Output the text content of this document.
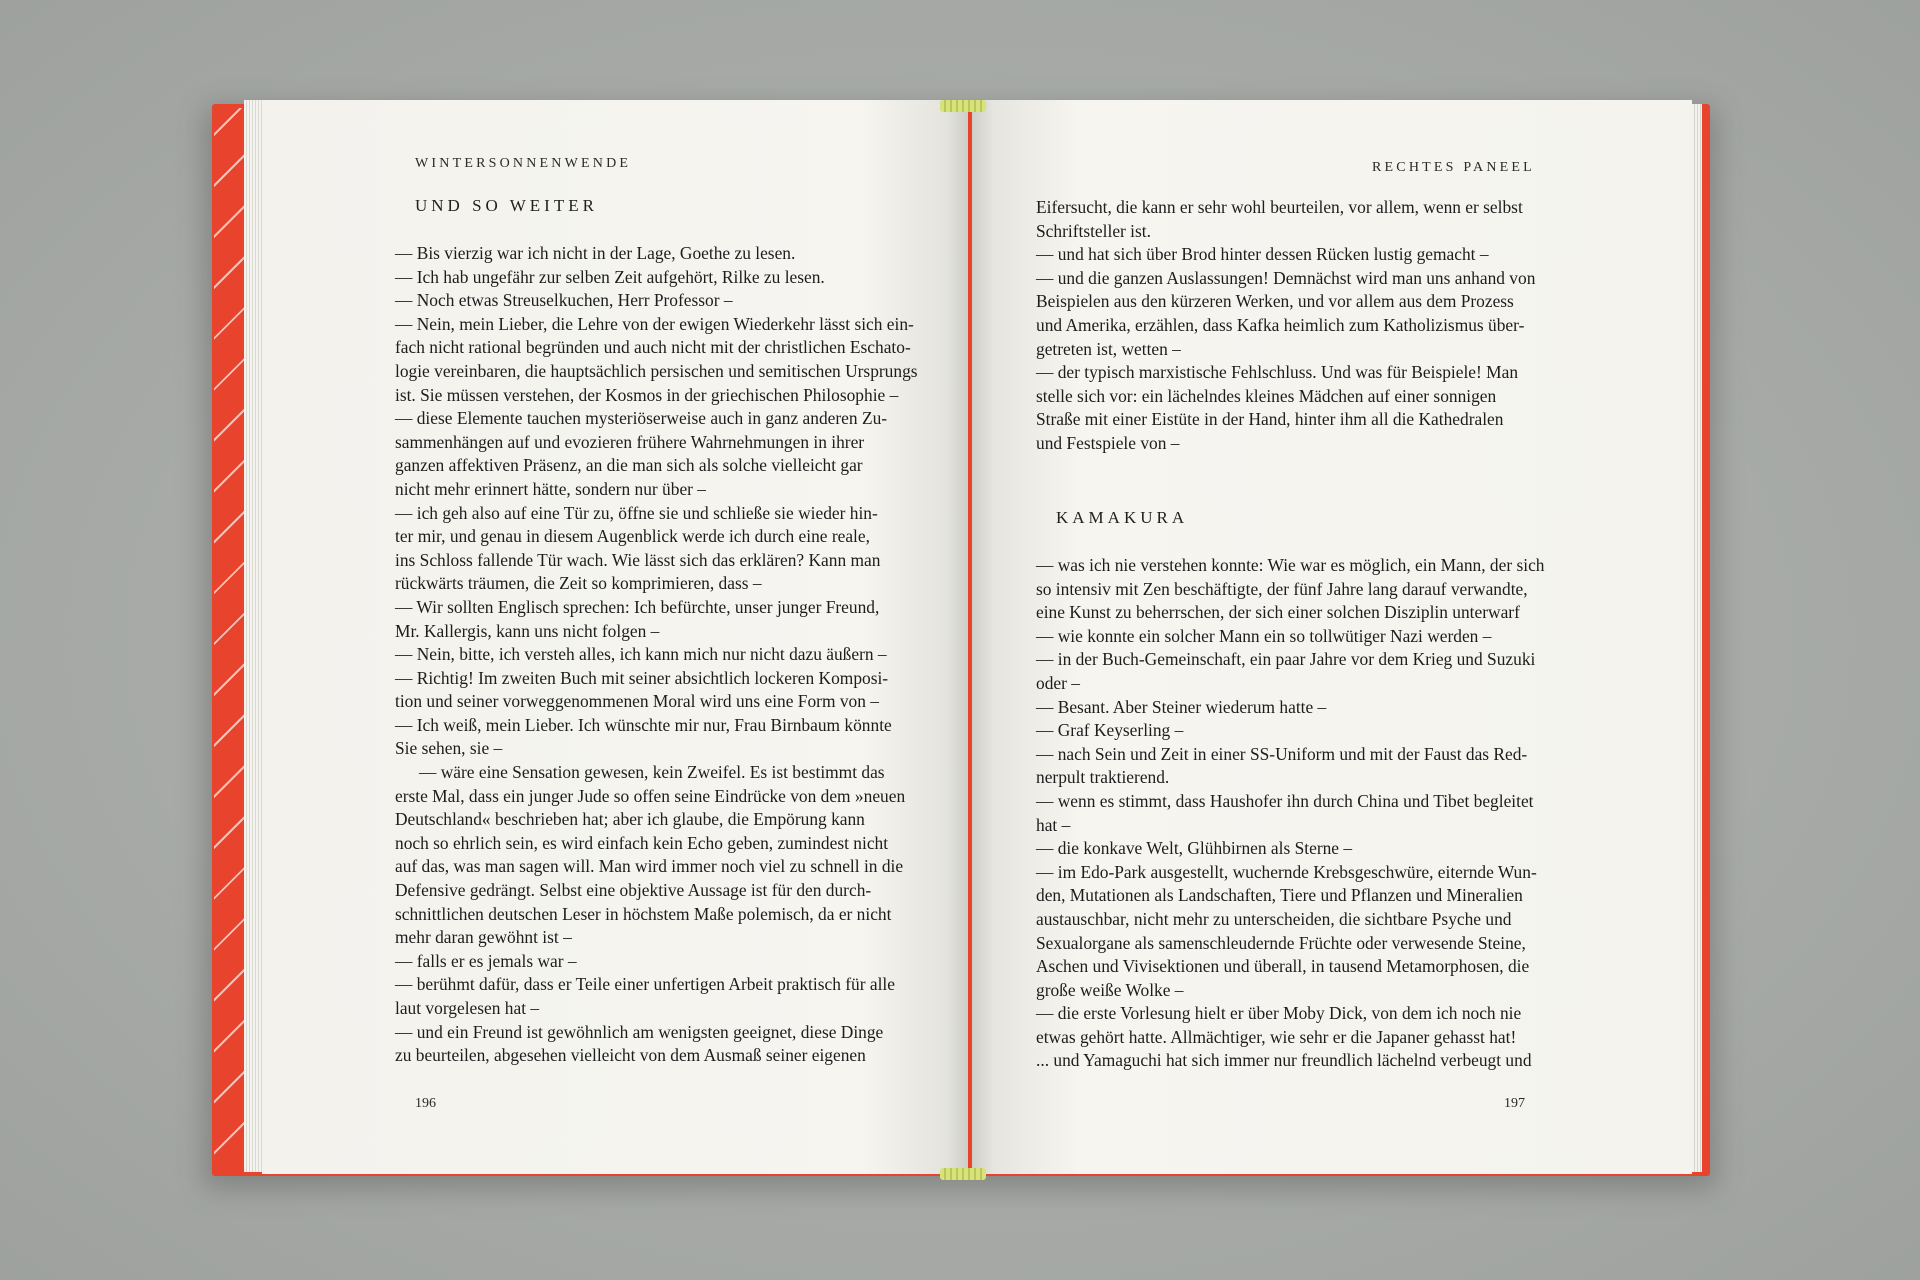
WINTERSONNENWENDE
UND SO WEITER
— Bis vierzig war ich nicht in der Lage, Goethe zu lesen.
— Ich hab ungefähr zur selben Zeit aufgehört, Rilke zu lesen.
— Noch etwas Streuselkuchen, Herr Professor –
— Nein, mein Lieber, die Lehre von der ewigen Wiederkehr lässt sich ein-
fach nicht rational begründen und auch nicht mit der christlichen Eschato-
logie vereinbaren, die hauptsächlich persischen und semitischen Ursprungs
ist. Sie müssen verstehen, der Kosmos in der griechischen Philosophie –
— diese Elemente tauchen mysteriöserweise auch in ganz anderen Zu-
sammenhängen auf und evozieren frühere Wahrnehmungen in ihrer
ganzen affektiven Präsenz, an die man sich als solche vielleicht gar
nicht mehr erinnert hätte, sondern nur über –
— ich geh also auf eine Tür zu, öffne sie und schließe sie wieder hin-
ter mir, und genau in diesem Augenblick werde ich durch eine reale,
ins Schloss fallende Tür wach. Wie lässt sich das erklären? Kann man
rückwärts träumen, die Zeit so komprimieren, dass –
— Wir sollten Englisch sprechen: Ich befürchte, unser junger Freund,
Mr. Kallergis, kann uns nicht folgen –
— Nein, bitte, ich versteh alles, ich kann mich nur nicht dazu äußern –
— Richtig! Im zweiten Buch mit seiner absichtlich lockeren Komposi-
tion und seiner vorweggenommenen Moral wird uns eine Form von –
— Ich weiß, mein Lieber. Ich wünschte mir nur, Frau Birnbaum könnte
Sie sehen, sie –
— wäre eine Sensation gewesen, kein Zweifel. Es ist bestimmt das
erste Mal, dass ein junger Jude so offen seine Eindrücke von dem »neuen
Deutschland« beschrieben hat; aber ich glaube, die Empörung kann
noch so ehrlich sein, es wird einfach kein Echo geben, zumindest nicht
auf das, was man sagen will. Man wird immer noch viel zu schnell in die
Defensive gedrängt. Selbst eine objektive Aussage ist für den durch-
schnittlichen deutschen Leser in höchstem Maße polemisch, da er nicht
mehr daran gewöhnt ist –
— falls er es jemals war –
— berühmt dafür, dass er Teile einer unfertigen Arbeit praktisch für alle
laut vorgelesen hat –
— und ein Freund ist gewöhnlich am wenigsten geeignet, diese Dinge
zu beurteilen, abgesehen vielleicht von dem Ausmaß seiner eigenen
196
RECHTES PANEEL
Eifersucht, die kann er sehr wohl beurteilen, vor allem, wenn er selbst
Schriftsteller ist.
— und hat sich über Brod hinter dessen Rücken lustig gemacht –
— und die ganzen Auslassungen! Demnächst wird man uns anhand von
Beispielen aus den kürzeren Werken, und vor allem aus dem Prozess
und Amerika, erzählen, dass Kafka heimlich zum Katholizismus über-
getreten ist, wetten –
— der typisch marxistische Fehlschluss. Und was für Beispiele! Man
stelle sich vor: ein lächelndes kleines Mädchen auf einer sonnigen
Straße mit einer Eistüte in der Hand, hinter ihm all die Kathedralen
und Festspiele von –
KAMAKURA
— was ich nie verstehen konnte: Wie war es möglich, ein Mann, der sich
so intensiv mit Zen beschäftigte, der fünf Jahre lang darauf verwandte,
eine Kunst zu beherrschen, der sich einer solchen Disziplin unterwarf
— wie konnte ein solcher Mann ein so tollwütiger Nazi werden –
— in der Buch-Gemeinschaft, ein paar Jahre vor dem Krieg und Suzuki
oder –
— Besant. Aber Steiner wiederum hatte –
— Graf Keyserling –
— nach Sein und Zeit in einer SS-Uniform und mit der Faust das Red-
nerpult traktierend.
— wenn es stimmt, dass Haushofer ihn durch China und Tibet begleitet
hat –
— die konkave Welt, Glühbirnen als Sterne –
— im Edo-Park ausgestellt, wuchernde Krebsgeschwüre, eiternde Wun-
den, Mutationen als Landschaften, Tiere und Pflanzen und Mineralien
austauschbar, nicht mehr zu unterscheiden, die sichtbare Psyche und
Sexualorgane als samenschleudernde Früchte oder verwesende Steine,
Aschen und Vivisektionen und überall, in tausend Metamorphosen, die
große weiße Wolke –
— die erste Vorlesung hielt er über Moby Dick, von dem ich noch nie
etwas gehört hatte. Allmächtiger, wie sehr er die Japaner gehasst hat!
... und Yamaguchi hat sich immer nur freundlich lächelnd verbeugt und
197
